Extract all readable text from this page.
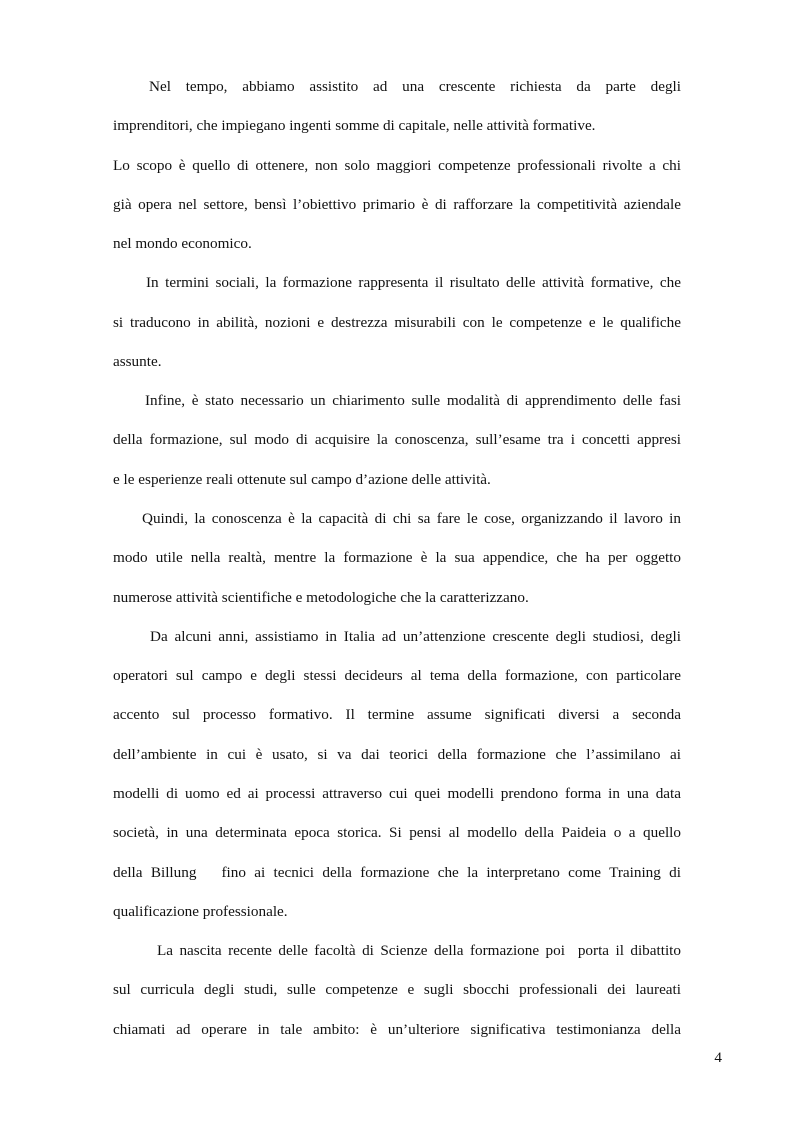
Nel tempo, abbiamo assistito ad una crescente richiesta da parte degli
imprenditori, che impiegano ingenti somme di capitale, nelle attività formative.
Lo scopo è quello di ottenere, non solo maggiori competenze professionali rivolte a chi
già opera nel settore, bensì l’obiettivo primario è di rafforzare la competitività aziendale
nel mondo economico.
In termini sociali, la formazione rappresenta il risultato delle attività formative, che
si traducono in abilità, nozioni e destrezza misurabili con le competenze e le qualifiche
assunte.
Infine, è stato necessario un chiarimento sulle modalità di apprendimento delle fasi
della formazione, sul modo di acquisire la conoscenza, sull’esame tra i concetti appresi
e le esperienze reali ottenute sul campo d’azione delle attività.
Quindi, la conoscenza è la capacità di chi sa fare le cose, organizzando il lavoro in
modo utile nella realtà, mentre la formazione è la sua appendice, che ha per oggetto
numerose attività scientifiche e metodologiche che la caratterizzano.
Da alcuni anni, assistiamo in Italia ad un’attenzione crescente degli studiosi, degli
operatori sul campo e degli stessi decideurs al tema della formazione, con particolare
accento sul processo formativo. Il termine assume significati diversi a seconda
dell’ambiente in cui è usato, si va dai teorici della formazione che l’assimilano ai
modelli di uomo ed ai processi attraverso cui quei modelli prendono forma in una data
società, in una determinata epoca storica. Si pensi al modello della Paideia o a quello
della Billung   fino ai tecnici della formazione che la interpretano come Training di
qualificazione professionale.
La nascita recente delle facoltà di Scienze della formazione poi  porta il dibattito
sul curricula degli studi, sulle competenze e sugli sbocchi professionali dei laureati
chiamati ad operare in tale ambito: è un’ulteriore significativa testimonianza della
4
